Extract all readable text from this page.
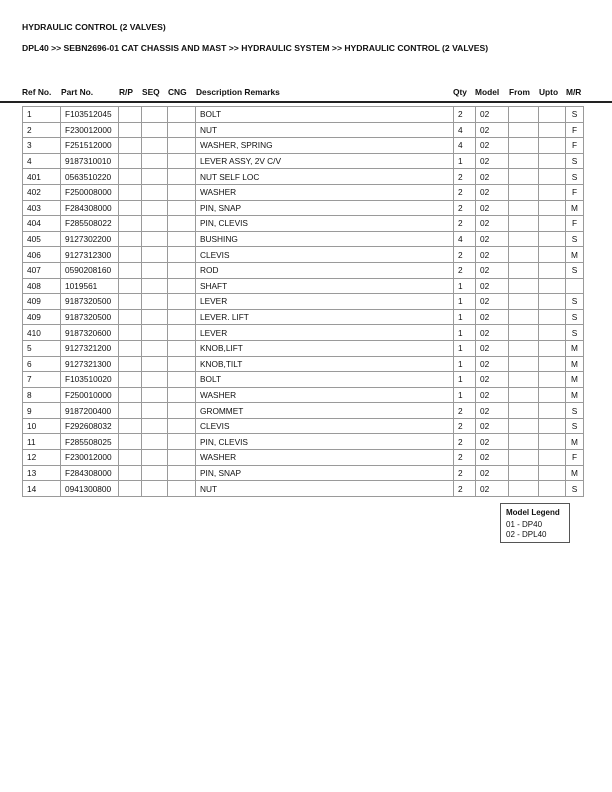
HYDRAULIC CONTROL (2 VALVES)
DPL40 >> SEBN2696-01 CAT CHASSIS AND MAST >> HYDRAULIC SYSTEM >> HYDRAULIC CONTROL (2 VALVES)
Ref No. Part No.	R/P SEQ CNG Description Remarks	Qty Model From Upto M/R
1	F103512045				BOLT	2	02			S
2	F230012000				NUT	4	02			F
3	F251512000				WASHER, SPRING	4	02			F
4	9187310010				LEVER ASSY, 2V C/V	1	02			S
401	0563510220				NUT SELF LOC	2	02			S
402	F250008000				WASHER	2	02			F
403	F284308000				PIN, SNAP	2	02			M
404	F285508022				PIN, CLEVIS	2	02			F
405	9127302200				BUSHING	4	02			S
406	9127312300				CLEVIS	2	02			M
407	0590208160				ROD	2	02			S
408	1019561				SHAFT	1	02			
409	9187320500				LEVER	1	02			S
409	9187320500				LEVER. LIFT	1	02			S
410	9187320600				LEVER	1	02			S
5	9127321200				KNOB,LIFT	1	02			M
6	9127321300				KNOB,TILT	1	02			M
7	F103510020				BOLT	1	02			M
8	F250010000				WASHER	1	02			M
9	9187200400				GROMMET	2	02			S
10	F292608032				CLEVIS	2	02			S
11	F285508025				PIN, CLEVIS	2	02			M
12	F230012000				WASHER	2	02			F
13	F284308000				PIN, SNAP	2	02			M
14	0941300800				NUT	2	02			S
Model Legend
01 - DP40
02 - DPL40
